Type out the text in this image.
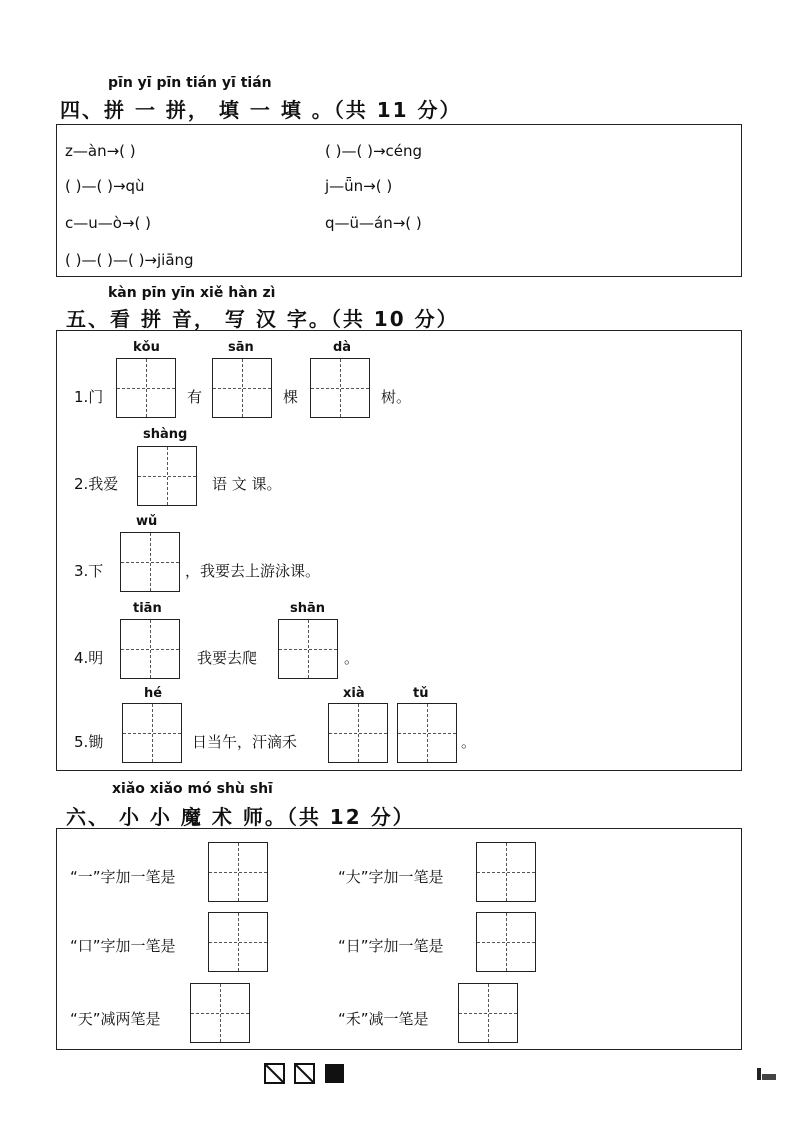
pīn yī pīn tián yī tián
四、拼 一 拼， 填 一 填 。（共 11 分）
z—àn→( )	( )—( )→céng
( )—( )→qù	j—ǖn→( )
c—u—ò→( )	q—ü—án→( )
( )—( )—( )→jiāng
kàn pīn yīn xiě hàn zì
五、看 拼 音， 写 汉 字。（共 10 分）
1.门
kǒu
有
sān
棵
dà
树。
2.我爱
shàng
语 文 课。
3.下
wǔ
，我要去上游泳课。
4.明
tiān
我要去爬
shān
。
5.锄
hé
日当午，汗滴禾
xià	tǔ
。
xiǎo xiǎo mó shù shī
六、 小 小 魔 术 师。（共 12 分）
“一”字加一笔是	“大”字加一笔是
“口”字加一笔是	“日”字加一笔是
“天”减两笔是	“禾”减一笔是
